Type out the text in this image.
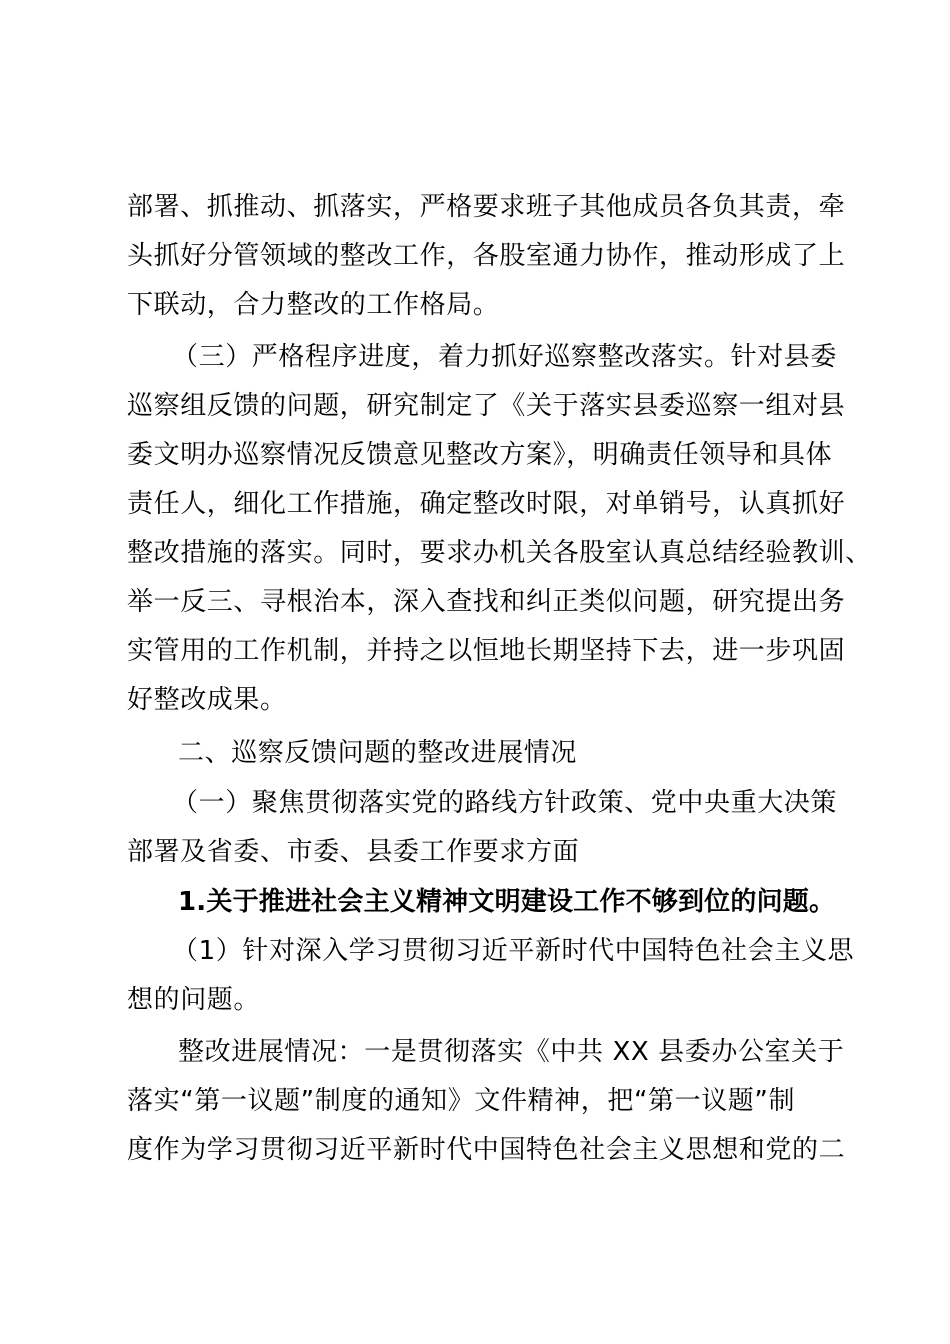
部署、抓推动、抓落实，严格要求班子其他成员各负其责，牵
头抓好分管领域的整改工作，各股室通力协作，推动形成了上
下联动，合力整改的工作格局。
（三）严格程序进度，着力抓好巡察整改落实。针对县委
巡察组反馈的问题，研究制定了《关于落实县委巡察一组对县
委文明办巡察情况反馈意见整改方案》，明确责任领导和具体
责任人，细化工作措施，确定整改时限，对单销号，认真抓好
整改措施的落实。同时，要求办机关各股室认真总结经验教训、
举一反三、寻根治本，深入查找和纠正类似问题，研究提出务
实管用的工作机制，并持之以恒地长期坚持下去，进一步巩固
好整改成果。
二、巡察反馈问题的整改进展情况
（一）聚焦贯彻落实党的路线方针政策、党中央重大决策
部署及省委、市委、县委工作要求方面
1.关于推进社会主义精神文明建设工作不够到位的问题。
（1）针对深入学习贯彻习近平新时代中国特色社会主义思
想的问题。
整改进展情况：一是贯彻落实《中共 XX 县委办公室关于
落实“第一议题”制度的通知》文件精神，把“第一议题”制
度作为学习贯彻习近平新时代中国特色社会主义思想和党的二
